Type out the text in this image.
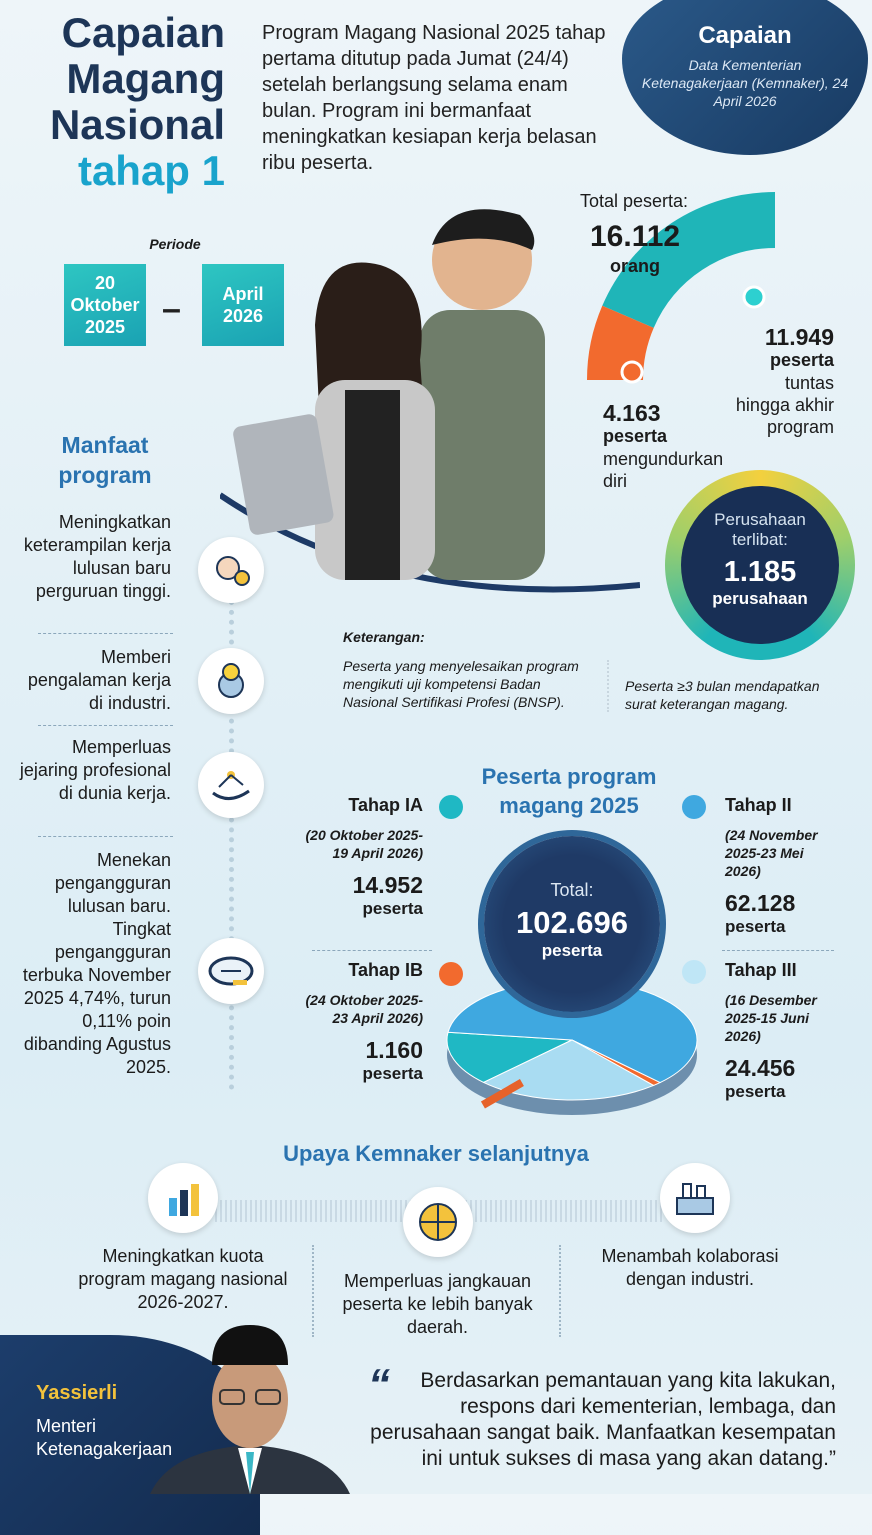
Capaian
Magang
Nasional
tahap 1
Program Magang Nasional 2025 tahap pertama ditutup pada Jumat (24/4) setelah berlangsung selama enam bulan. Program ini bermanfaat meningkatkan kesiapan kerja belasan ribu peserta.
Capaian

Data Kementerian Ketenagakerjaan (Kemnaker), 24 April 2026

Periode
20 Oktober 2025	–	April 2026
Total peserta:
16.112
orang
11.949
peserta
tuntas
hingga akhir
program
4.163
peserta
mengundurkan
diri
Perusahaan
terlibat:
1.185
perusahaan
Manfaat
program
Meningkatkan keterampilan kerja lulusan baru perguruan tinggi.
Memberi pengalaman kerja di industri.
Memperluas jejaring profesional di dunia kerja.
Menekan pengangguran lulusan baru. Tingkat pengangguran terbuka November 2025 4,74%, turun 0,11% poin dibanding Agustus 2025.
Keterangan:
Peserta yang menyelesaikan program mengikuti uji kompetensi Badan Nasional Sertifikasi Profesi (BNSP).
Peserta ≥3 bulan mendapatkan surat keterangan magang.
Peserta program
magang 2025
Total:
102.696
peserta
Tahap IA
(20 Oktober 2025-19 April 2026)
14.952
peserta
Tahap II
(24 November 2025-23 Mei 2026)
62.128
peserta
Tahap IB
(24 Oktober 2025-23 April 2026)
1.160
peserta
Tahap III
(16 Desember 2025-15 Juni 2026)
24.456
peserta
Upaya Kemnaker selanjutnya
Meningkatkan kuota program magang nasional 2026-2027.
Memperluas jangkauan peserta ke lebih banyak daerah.
Menambah kolaborasi dengan industri.
Yassierli
Menteri
Ketenagakerjaan
“	Berdasarkan pemantauan yang kita lakukan, respons dari kementerian, lembaga, dan perusahaan sangat baik. Manfaatkan kesempatan ini untuk sukses di masa yang akan datang.”
